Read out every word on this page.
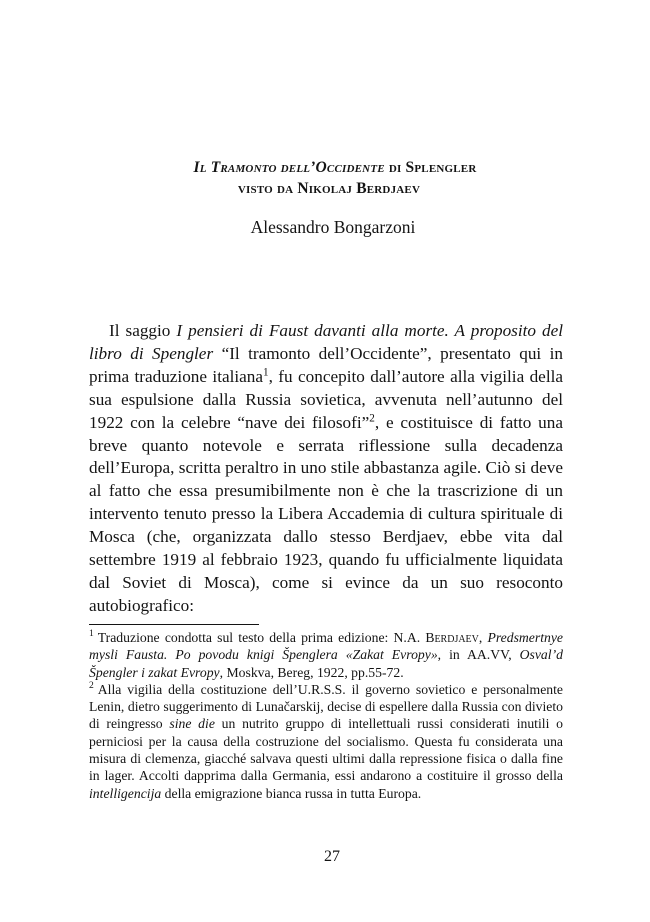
Il Tramonto dell’Occidente di Splengler
visto da Nikolaj Berdjaev
Alessandro Bongarzoni

Il saggio I pensieri di Faust davanti alla morte. A proposito del libro di Spengler “Il tramonto dell’Occidente”, presentato qui in prima traduzione italiana$^1$, fu concepito dall’autore alla vigilia della sua espulsione dalla Russia sovietica, avvenuta nell’autunno del 1922 con la celebre “nave dei filosofi”$^2$, e costituisce di fatto una breve quanto notevole e serrata riflessione sulla decadenza dell’Europa, scritta peraltro in uno stile abbastanza agile. Ciò si deve al fatto che essa presumibilmente non è che la trascrizione di un intervento tenuto presso la Libera Accademia di cultura spirituale di Mosca (che, organizzata dallo stesso Berdjaev, ebbe vita dal settembre 1919 al febbraio 1923, quando fu ufficialmente liquidata dal Soviet di Mosca), come si evince da un suo resoconto autobiografico:

$^1$ Traduzione condotta sul testo della prima edizione: N.A. Berdjaev, Predsmertnye mysli Fausta. Po povodu knigi Špenglera «Zakat Evropy», in AA.VV, Osval’d Špengler i zakat Evropy, Moskva, Bereg, 1922, pp.55-72.

$^2$ Alla vigilia della costituzione dell’U.R.S.S. il governo sovietico e personalmente Lenin, dietro suggerimento di Lunačarskij, decise di espellere dalla Russia con divieto di reingresso sine die un nutrito gruppo di intellettuali russi considerati inutili o perniciosi per la causa della costruzione del socialismo. Questa fu considerata una misura di clemenza, giacché salvava questi ultimi dalla repressione fisica o dalla fine in lager. Accolti dapprima dalla Germania, essi andarono a costituire il grosso della intelligencija della emigrazione bianca russa in tutta Europa.

27
